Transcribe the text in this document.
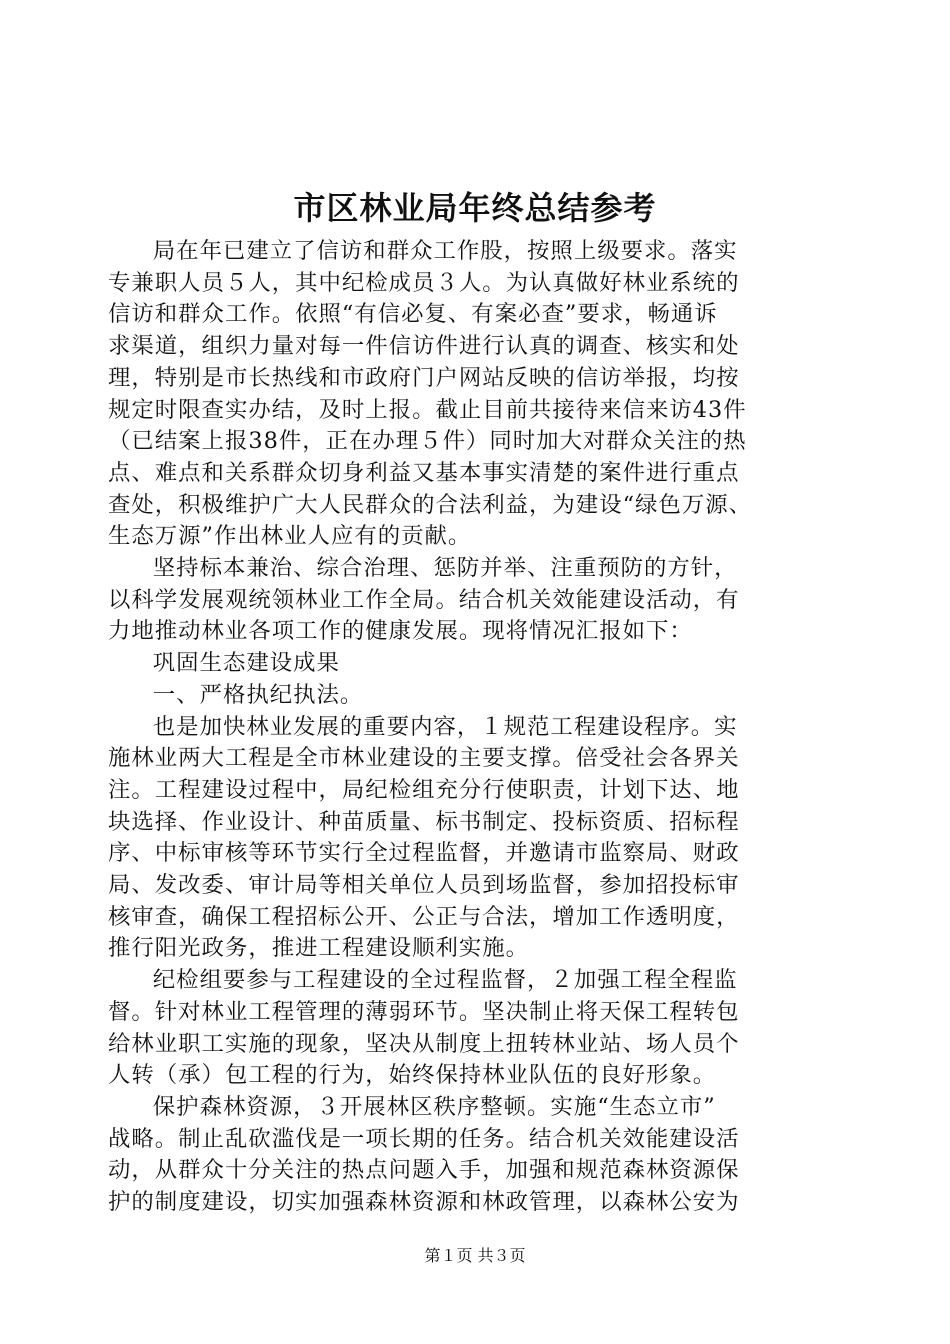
市区林业局年终总结参考

局在年已建立了信访和群众工作股，按照上级要求。落实

专兼职人员５人，其中纪检成员３人。为认真做好林业系统的

信访和群众工作。依照“有信必复、有案必查”要求，畅通诉

求渠道，组织力量对每一件信访件进行认真的调查、核实和处

理，特别是市长热线和市政府门户网站反映的信访举报，均按

规定时限查实办结，及时上报。截止目前共接待来信来访43件

（已结案上报38件，正在办理５件）同时加大对群众关注的热

点、难点和关系群众切身利益又基本事实清楚的案件进行重点

查处，积极维护广大人民群众的合法利益，为建设“绿色万源、

生态万源”作出林业人应有的贡献。

坚持标本兼治、综合治理、惩防并举、注重预防的方针，

以科学发展观统领林业工作全局。结合机关效能建设活动，有

力地推动林业各项工作的健康发展。现将情况汇报如下：

巩固生态建设成果

一、严格执纪执法。

也是加快林业发展的重要内容，１规范工程建设程序。实

施林业两大工程是全市林业建设的主要支撑。倍受社会各界关

注。工程建设过程中，局纪检组充分行使职责，计划下达、地

块选择、作业设计、种苗质量、标书制定、投标资质、招标程

序、中标审核等环节实行全过程监督，并邀请市监察局、财政

局、发改委、审计局等相关单位人员到场监督，参加招投标审

核审查，确保工程招标公开、公正与合法，增加工作透明度，

推行阳光政务，推进工程建设顺利实施。

纪检组要参与工程建设的全过程监督，２加强工程全程监

督。针对林业工程管理的薄弱环节。坚决制止将天保工程转包

给林业职工实施的现象，坚决从制度上扭转林业站、场人员个

人转（承）包工程的行为，始终保持林业队伍的良好形象。

保护森林资源，３开展林区秩序整顿。实施“生态立市”

战略。制止乱砍滥伐是一项长期的任务。结合机关效能建设活

动，从群众十分关注的热点问题入手，加强和规范森林资源保

护的制度建设，切实加强森林资源和林政管理，以森林公安为

第１页 共３页
